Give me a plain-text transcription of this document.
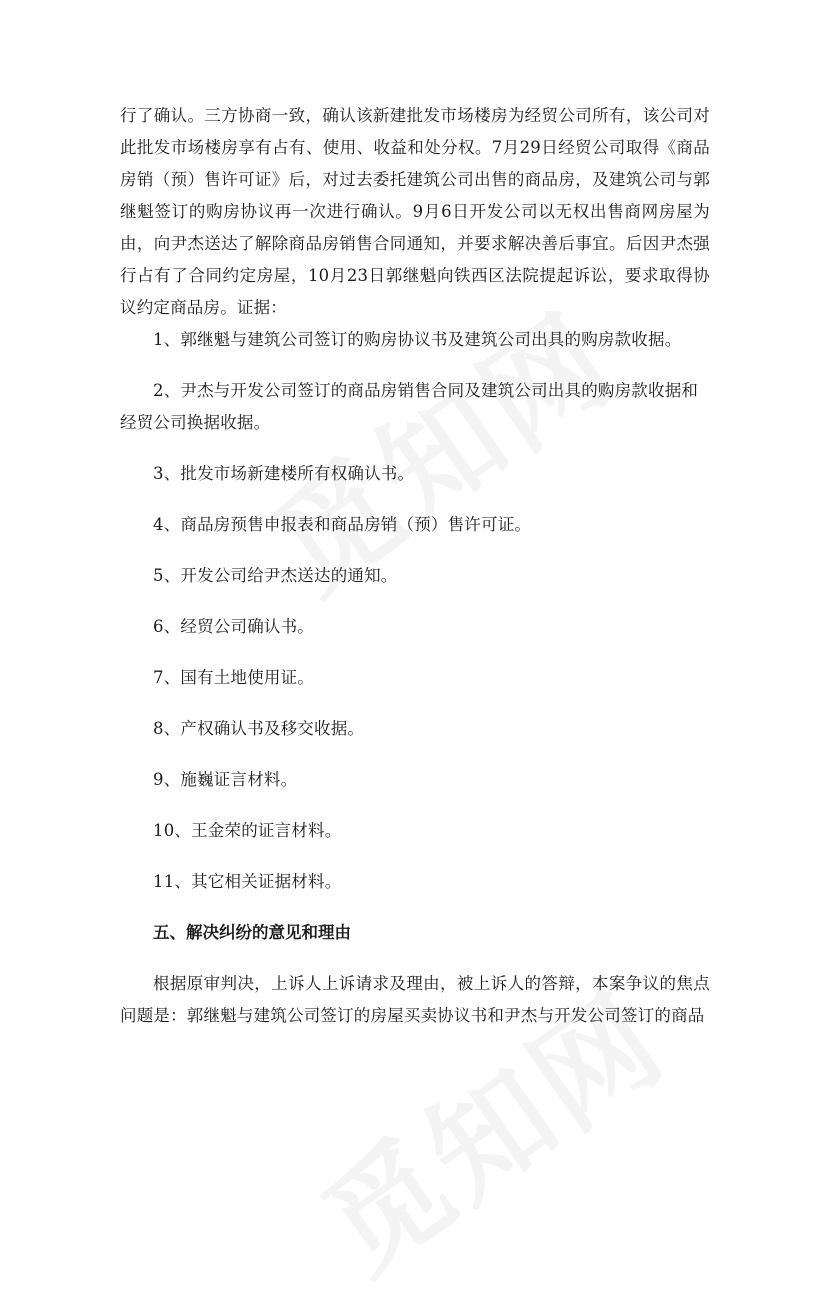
行了确认。三方协商一致，确认该新建批发市场楼房为经贸公司所有，该公司对此批发市场楼房享有占有、使用、收益和处分权。7月29日经贸公司取得《商品房销（预）售许可证》后，对过去委托建筑公司出售的商品房，及建筑公司与郭继魁签订的购房协议再一次进行确认。9月6日开发公司以无权出售商网房屋为由，向尹杰送达了解除商品房销售合同通知，并要求解决善后事宜。后因尹杰强行占有了合同约定房屋，10月23日郭继魁向铁西区法院提起诉讼，要求取得协议约定商品房。证据：

1、郭继魁与建筑公司签订的购房协议书及建筑公司出具的购房款收据。
2、尹杰与开发公司签订的商品房销售合同及建筑公司出具的购房款收据和经贸公司换据收据。
3、批发市场新建楼所有权确认书。
4、商品房预售申报表和商品房销（预）售许可证。
5、开发公司给尹杰送达的通知。
6、经贸公司确认书。
7、国有土地使用证。
8、产权确认书及移交收据。
9、施巍证言材料。
10、王金荣的证言材料。
11、其它相关证据材料。
五、解决纠纷的意见和理由

根据原审判决，上诉人上诉请求及理由，被上诉人的答辩，本案争议的焦点问题是：郭继魁与建筑公司签订的房屋买卖协议书和尹杰与开发公司签订的商品
